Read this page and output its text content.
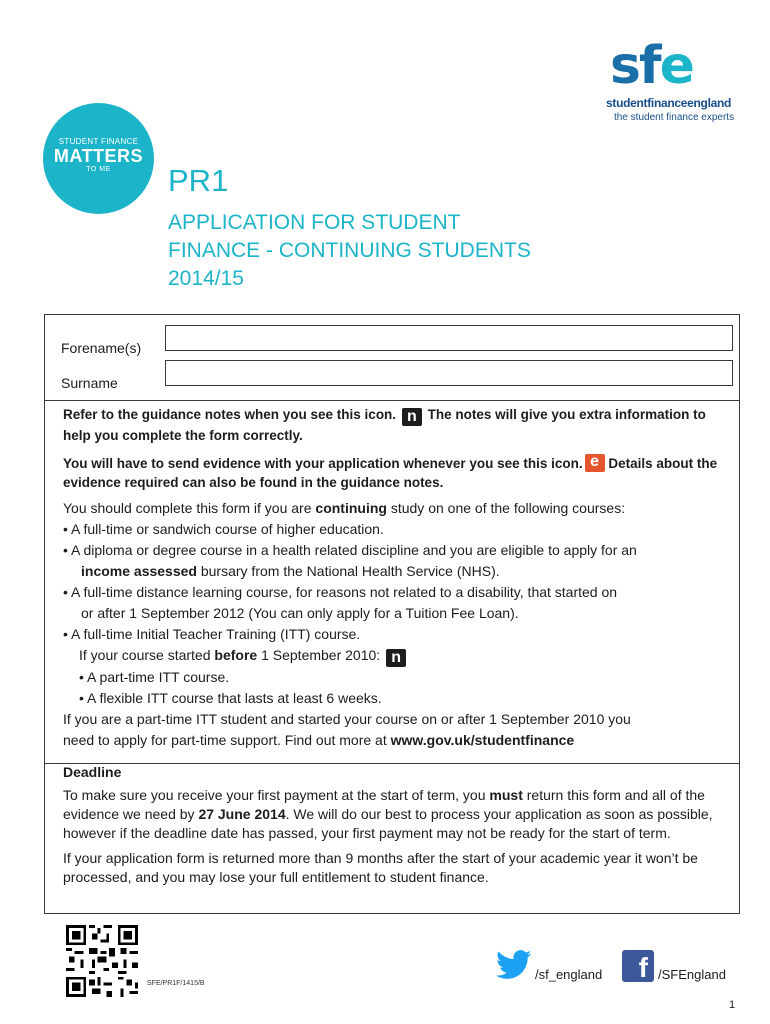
sfe
studentfinanceengland
the student finance experts
STUDENT FINANCE
MATTERS
TO ME	PR1
APPLICATION FOR STUDENT
FINANCE - CONTINUING STUDENTS
2014/15
Forename(s)
Surname
Refer to the guidance notes when you see this icon. n The notes will give you extra information to help you complete the form correctly.
You will have to send evidence with your application whenever you see this icon. e Details about the evidence required can also be found in the guidance notes.
You should complete this form if you are continuing study on one of the following courses:
• A full-time or sandwich course of higher education.
• A diploma or degree course in a health related discipline and you are eligible to apply for an
income assessed bursary from the National Health Service (NHS).
• A full-time distance learning course, for reasons not related to a disability, that started on
or after 1 September 2012 (You can only apply for a Tuition Fee Loan).
• A full-time Initial Teacher Training (ITT) course.
If your course started before 1 September 2010: n
• A part-time ITT course.
• A flexible ITT course that lasts at least 6 weeks.
If you are a part-time ITT student and started your course on or after 1 September 2010 you
need to apply for part-time support. Find out more at www.gov.uk/studentfinance
Deadline

To make sure you receive your first payment at the start of term, you must return this form and all of the evidence we need by 27 June 2014. We will do our best to process your application as soon as possible, however if the deadline date has passed, your first payment may not be ready for the start of term.

If your application form is returned more than 9 months after the start of your academic year it won’t be processed, and you may lose your full entitlement to student finance.

SFE/PR1F/1415/B
/sf_england f /SFEngland
1
